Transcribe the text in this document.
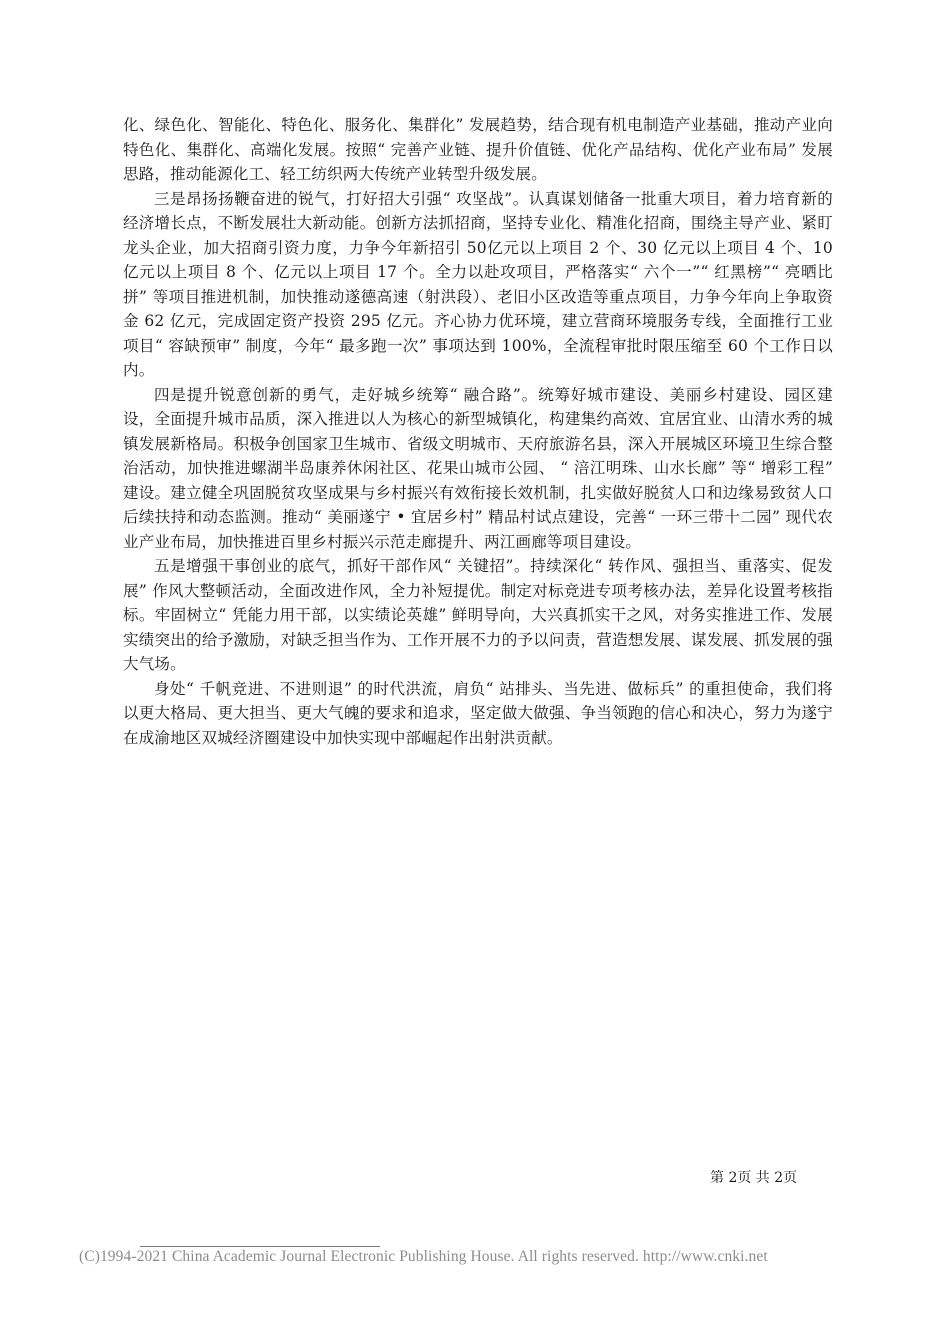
化、绿色化、智能化、特色化、服务化、集群化” 发展趋势，结合现有机电制造产业基础，推动产业向特色化、集群化、高端化发展。按照“ 完善产业链、提升价值链、优化产品结构、优化产业布局” 发展思路，推动能源化工、轻工纺织两大传统产业转型升级发展。

三是昂扬扬鞭奋进的锐气，打好招大引强“ 攻坚战”。认真谋划储备一批重大项目，着力培育新的经济增长点，不断发展壮大新动能。创新方法抓招商，坚持专业化、精准化招商，围绕主导产业、紧盯龙头企业，加大招商引资力度，力争今年新招引 50亿元以上项目 2 个、30 亿元以上项目 4 个、10 亿元以上项目 8 个、亿元以上项目 17 个。全力以赴攻项目，严格落实“ 六个一”“ 红黑榜”“ 亮晒比拼” 等项目推进机制，加快推动遂德高速（射洪段）、老旧小区改造等重点项目，力争今年向上争取资金 62 亿元，完成固定资产投资 295 亿元。齐心协力优环境，建立营商环境服务专线，全面推行工业项目“ 容缺预审” 制度，今年“ 最多跑一次” 事项达到 100%，全流程审批时限压缩至 60 个工作日以内。

四是提升锐意创新的勇气，走好城乡统筹“ 融合路”。统筹好城市建设、美丽乡村建设、园区建设，全面提升城市品质，深入推进以人为核心的新型城镇化，构建集约高效、宜居宜业、山清水秀的城镇发展新格局。积极争创国家卫生城市、省级文明城市、天府旅游名县，深入开展城区环境卫生综合整治活动，加快推进螺湖半岛康养休闲社区、花果山城市公园、 “ 涪江明珠、山水长廊” 等“ 增彩工程” 建设。建立健全巩固脱贫攻坚成果与乡村振兴有效衔接长效机制，扎实做好脱贫人口和边缘易致贫人口后续扶持和动态监测。推动“ 美丽遂宁 • 宜居乡村” 精品村试点建设，完善“ 一环三带十二园” 现代农业产业布局，加快推进百里乡村振兴示范走廊提升、两江画廊等项目建设。

五是增强干事创业的底气，抓好干部作风“ 关键招”。持续深化“ 转作风、强担当、重落实、促发展” 作风大整顿活动，全面改进作风，全力补短提优。制定对标竞进专项考核办法，差异化设置考核指标。牢固树立“ 凭能力用干部，以实绩论英雄” 鲜明导向，大兴真抓实干之风，对务实推进工作、发展实绩突出的给予激励，对缺乏担当作为、工作开展不力的予以问责，营造想发展、谋发展、抓发展的强大气场。

身处“ 千帆竞进、不进则退” 的时代洪流，肩负“ 站排头、当先进、做标兵” 的重担使命，我们将以更大格局、更大担当、更大气魄的要求和追求，坚定做大做强、争当领跑的信心和决心，努力为遂宁在成渝地区双城经济圈建设中加快实现中部崛起作出射洪贡献。

第 2页 共 2页
(C)1994-2021 China Academic Journal Electronic Publishing House. All rights reserved. http://www.cnki.net
